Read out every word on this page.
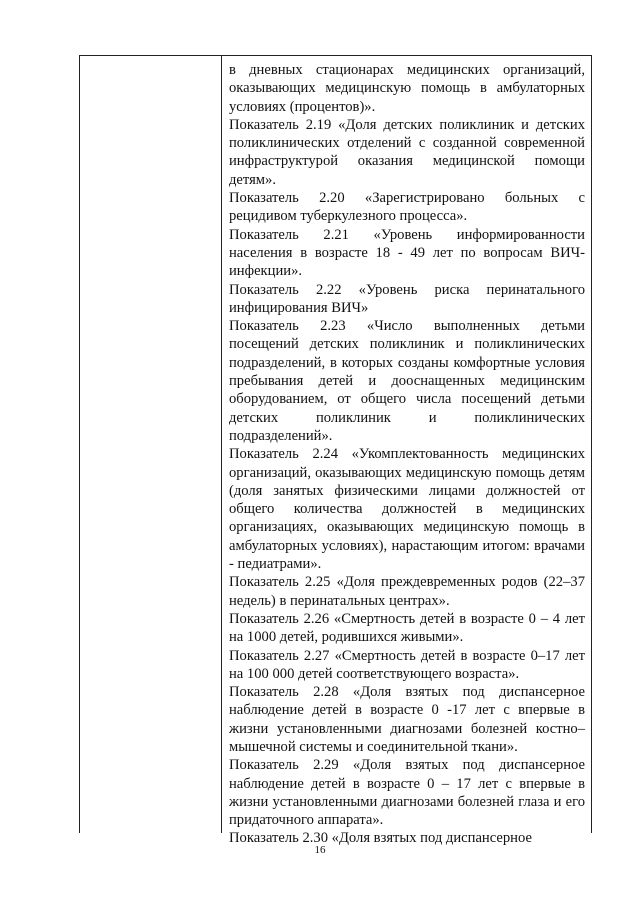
в дневных стационарах медицинских организаций, оказывающих медицинскую помощь в амбулаторных условиях (процентов)».

Показатель 2.19 «Доля детских поликлиник и детских поликлинических отделений с созданной современной инфраструктурой оказания медицинской помощи детям».

Показатель 2.20 «Зарегистрировано больных с рецидивом туберкулезного процесса».

Показатель 2.21 «Уровень информированности населения в возрасте 18 - 49 лет по вопросам ВИЧ-инфекции».

Показатель 2.22 «Уровень риска перинатального инфицирования ВИЧ»

Показатель 2.23 «Число выполненных детьми посещений детских поликлиник и поликлинических подразделений, в которых созданы комфортные условия пребывания детей и дооснащенных медицинским оборудованием, от общего числа посещений детьми детских поликлиник и поликлинических подразделений».

Показатель 2.24 «Укомплектованность медицинских организаций, оказывающих медицинскую помощь детям (доля занятых физическими лицами должностей от общего количества должностей в медицинских организациях, оказывающих медицинскую помощь в амбулаторных условиях), нарастающим итогом: врачами - педиатрами».

Показатель 2.25 «Доля преждевременных родов (22–37 недель) в перинатальных центрах».

Показатель 2.26 «Смертность детей в возрасте 0 – 4 лет на 1000 детей, родившихся живыми».

Показатель 2.27 «Смертность детей в возрасте 0–17 лет на 100 000 детей соответствующего возраста».

Показатель 2.28 «Доля взятых под диспансерное наблюдение детей в возрасте 0 -17 лет с впервые в жизни установленными диагнозами болезней костно–мышечной системы и соединительной ткани».

Показатель 2.29 «Доля взятых под диспансерное наблюдение детей в возрасте 0 – 17 лет с впервые в жизни установленными диагнозами болезней глаза и его придаточного аппарата».

Показатель 2.30 «Доля взятых под диспансерное

16
